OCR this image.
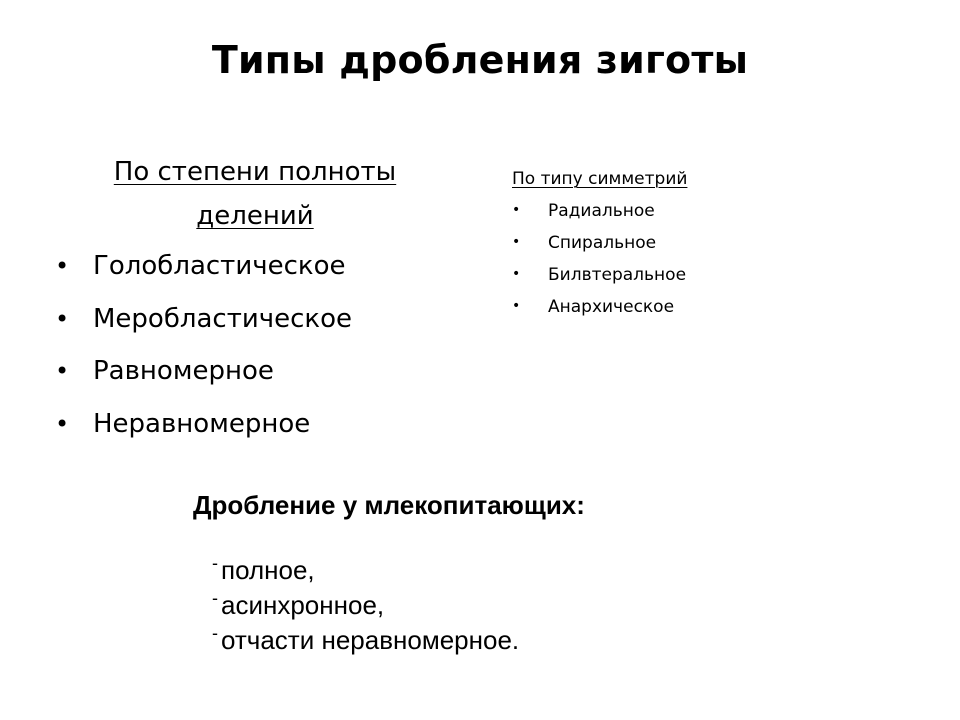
Типы дробления зиготы
По степени полноты делений
• Голобластическое
• Меробластическое
• Равномерное
• Неравномерное
По типу симметрий
• Радиальное
• Спиральное
• Билвтеральное
• Анархическое
Дробление у млекопитающих:
- полное,
- асинхронное,
- отчасти неравномерное.
